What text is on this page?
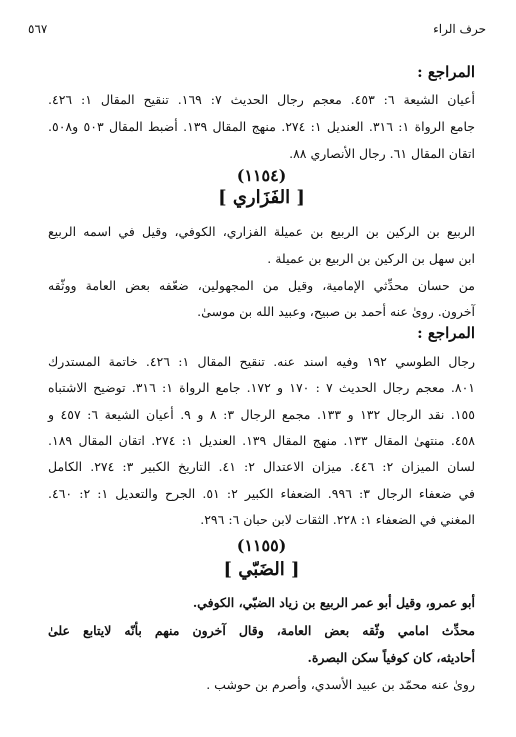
٥٦٧	حرف الراء
المراجع :
أعيان الشيعة ٦: ٤٥٣. معجم رجال الحديث ٧: ١٦٩. تنقيح المقال ١: ٤٢٦.
جامع الرواة ١: ٣١٦. العنديل ١: ٢٧٤. منهج المقال ١٣٩. أضبط المقال ٥٠٣ و٥٠٨.
اتقان المقال ٦١. رجال الأنصاري ٨٨.
(١١٥٤)
[ الفَزَاري ]
الربيع بن الركين بن الربيع بن عميلة الفزاري، الكوفي، وقيل في اسمه الربيع
ابن سهل بن الركين بن الربيع بن عميلة .
من حسان محدِّثي الإمامية، وقيل من المجهولين، ضعّفه بعض العامة ووثّقه
آخرون. روىٰ عنه أحمد بن صبيح، وعبيد الله بن موسىٰ.
المراجع :
رجال الطوسي ١٩٢ وفيه اسند عنه. تنقيح المقال ١: ٤٢٦. خاتمة المستدرك
٨٠١. معجم رجال الحديث ٧ : ١٧٠ و ١٧٢. جامع الرواة ١: ٣١٦. توضيح الاشتباه
١٥٥. نقد الرجال ١٣٢ و ١٣٣. مجمع الرجال ٣: ٨ و ٩. أعيان الشيعة ٦: ٤٥٧ و
٤٥٨. منتهىٰ المقال ١٣٣. منهج المقال ١٣٩. العنديل ١: ٢٧٤. اتقان المقال ١٨٩.
لسان الميزان ٢: ٤٤٦. ميزان الاعتدال ٢: ٤١. التاريخ الكبير ٣: ٢٧٤. الكامل
في ضعفاء الرجال ٣: ٩٩٦. الضعفاء الكبير ٢: ٥١. الجرح والتعديل ١: ٢: ٤٦٠.
المغني في الضعفاء ١: ٢٢٨. الثقات لابن حبان ٦: ٢٩٦.
(١١٥٥)
[ الضَبّي ]
أبو عمرو، وقيل أبو عمر الربيع بن زياد الضبّي، الكوفي.
محدِّث امامي وثّقه بعض العامة، وقال آخرون منهم بأنّه لايتابع علىٰ
أحاديثه، كان كوفياً سكن البصرة.
روىٰ عنه محمّد بن عبيد الأسدي، وأصرم بن حوشب .
